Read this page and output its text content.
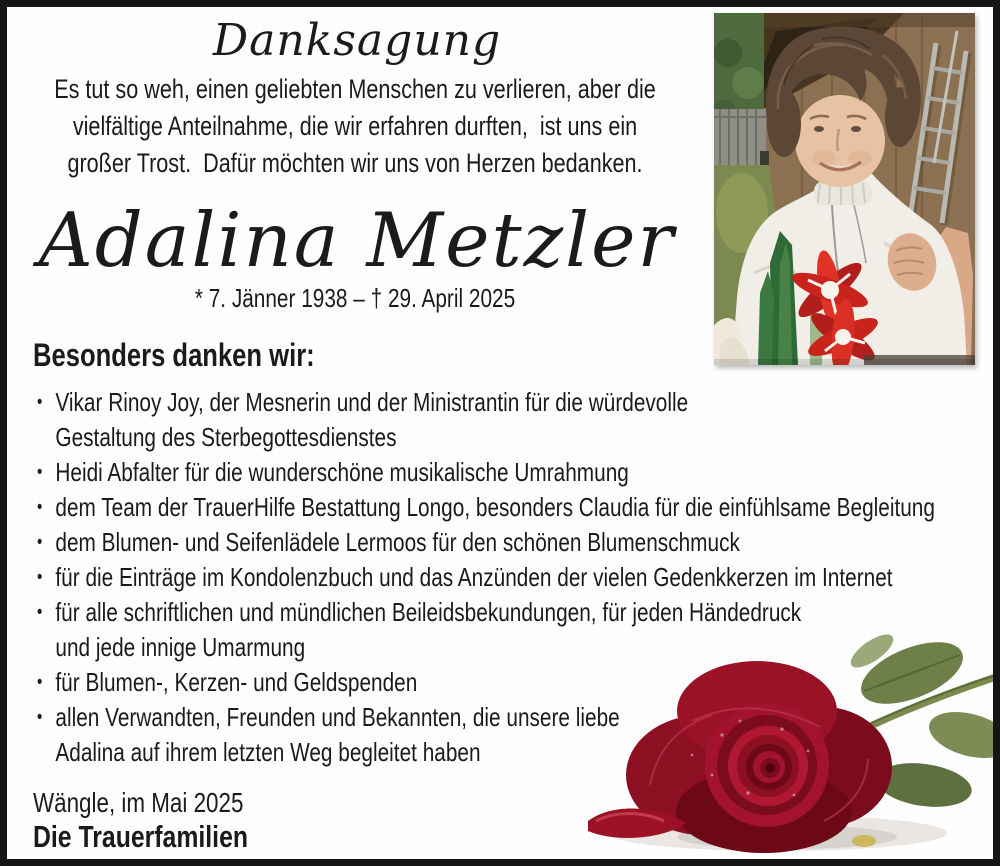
Danksagung
Es tut so weh, einen geliebten Menschen zu verlieren, aber die
vielfältige Anteilnahme, die wir erfahren durften,  ist uns ein
großer Trost.  Dafür möchten wir uns von Herzen bedanken.
Adalina Metzler
* 7. Jänner 1938 – † 29. April 2025
Besonders danken wir:
• Vikar Rinoy Joy, der Mesnerin und der Ministrantin für die würdevolle
Gestaltung des Sterbegottesdienstes
• Heidi Abfalter für die wunderschöne musikalische Umrahmung
• dem Team der TrauerHilfe Bestattung Longo, besonders Claudia für die einfühlsame Begleitung
• dem Blumen- und Seifenlädele Lermoos für den schönen Blumenschmuck
• für die Einträge im Kondolenzbuch und das Anzünden der vielen Gedenkkerzen im Internet
• für alle schriftlichen und mündlichen Beileidsbekundungen, für jeden Händedruck
und jede innige Umarmung
• für Blumen-, Kerzen- und Geldspenden
• allen Verwandten, Freunden und Bekannten, die unsere liebe
Adalina auf ihrem letzten Weg begleitet haben
Wängle, im Mai 2025
Die Trauerfamilien
